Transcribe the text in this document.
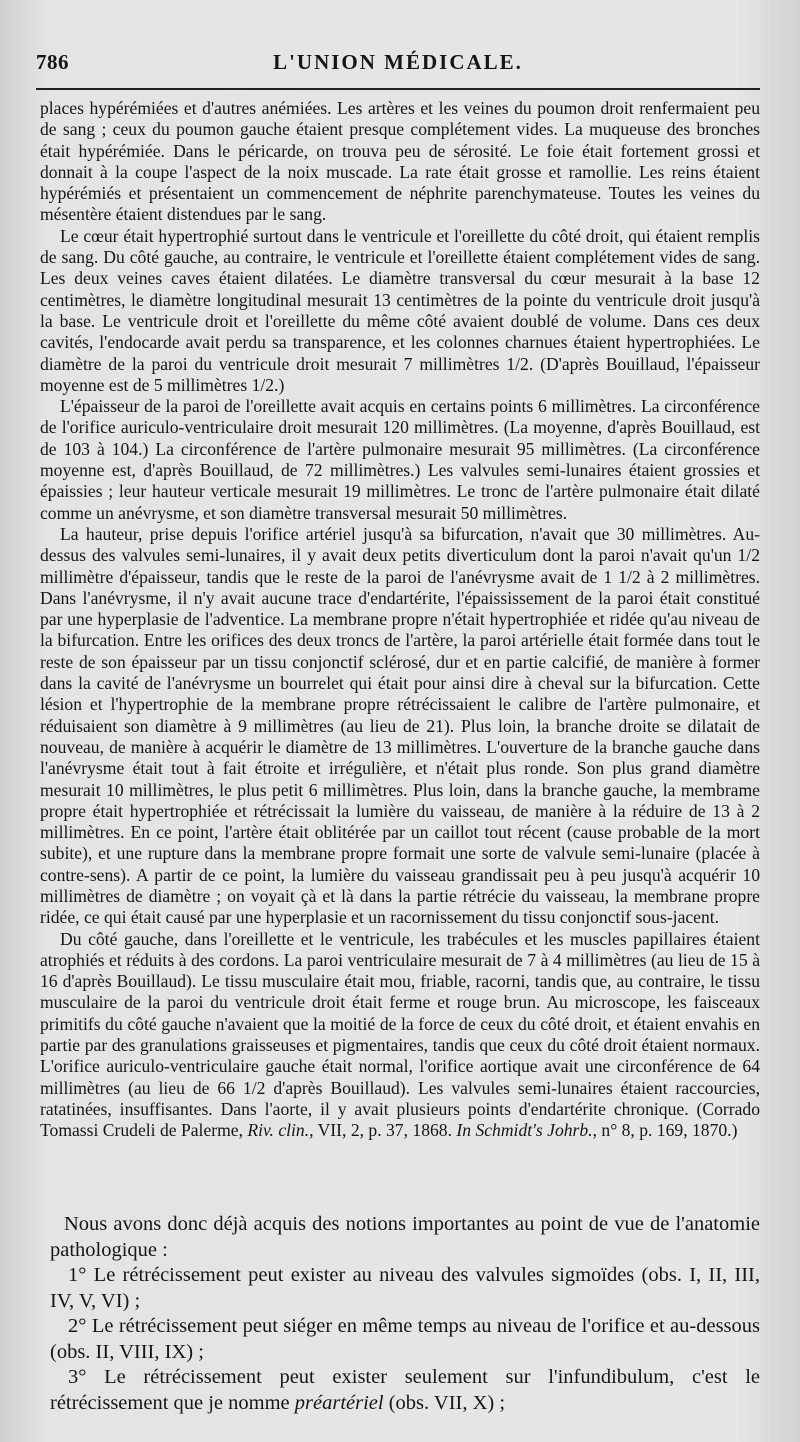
786	L'UNION MÉDICALE.

places hypérémiées et d'autres anémiées. Les artères et les veines du poumon droit renfermaient peu de sang ; ceux du poumon gauche étaient presque complétement vides. La muqueuse des bronches était hypérémiée. Dans le péricarde, on trouva peu de sérosité. Le foie était fortement grossi et donnait à la coupe l'aspect de la noix muscade. La rate était grosse et ramollie. Les reins étaient hypérémiés et présentaient un commencement de néphrite parenchymateuse. Toutes les veines du mésentère étaient distendues par le sang.

Le cœur était hypertrophié surtout dans le ventricule et l'oreillette du côté droit, qui étaient remplis de sang. Du côté gauche, au contraire, le ventricule et l'oreillette étaient complétement vides de sang. Les deux veines caves étaient dilatées. Le diamètre transversal du cœur mesurait à la base 12 centimètres, le diamètre longitudinal mesurait 13 centimètres de la pointe du ventricule droit jusqu'à la base. Le ventricule droit et l'oreillette du même côté avaient doublé de volume. Dans ces deux cavités, l'endocarde avait perdu sa transparence, et les colonnes charnues étaient hypertrophiées. Le diamètre de la paroi du ventricule droit mesurait 7 millimètres 1/2. (D'après Bouillaud, l'épaisseur moyenne est de 5 millimètres 1/2.)

L'épaisseur de la paroi de l'oreillette avait acquis en certains points 6 millimètres. La circonférence de l'orifice auriculo-ventriculaire droit mesurait 120 millimètres. (La moyenne, d'après Bouillaud, est de 103 à 104.) La circonférence de l'artère pulmonaire mesurait 95 millimètres. (La circonférence moyenne est, d'après Bouillaud, de 72 millimètres.) Les valvules semi-lunaires étaient grossies et épaissies ; leur hauteur verticale mesurait 19 millimètres. Le tronc de l'artère pulmonaire était dilaté comme un anévrysme, et son diamètre transversal mesurait 50 millimètres.

La hauteur, prise depuis l'orifice artériel jusqu'à sa bifurcation, n'avait que 30 millimètres. Au-dessus des valvules semi-lunaires, il y avait deux petits diverticulum dont la paroi n'avait qu'un 1/2 millimètre d'épaisseur, tandis que le reste de la paroi de l'anévrysme avait de 1 1/2 à 2 millimètres. Dans l'anévrysme, il n'y avait aucune trace d'endartérite, l'épaississement de la paroi était constitué par une hyperplasie de l'adventice. La membrane propre n'était hypertrophiée et ridée qu'au niveau de la bifurcation. Entre les orifices des deux troncs de l'artère, la paroi artérielle était formée dans tout le reste de son épaisseur par un tissu conjonctif sclérosé, dur et en partie calcifié, de manière à former dans la cavité de l'anévrysme un bourrelet qui était pour ainsi dire à cheval sur la bifurcation. Cette lésion et l'hypertrophie de la membrane propre rétrécissaient le calibre de l'artère pulmonaire, et réduisaient son diamètre à 9 millimètres (au lieu de 21). Plus loin, la branche droite se dilatait de nouveau, de manière à acquérir le diamètre de 13 millimètres. L'ouverture de la branche gauche dans l'anévrysme était tout à fait étroite et irrégulière, et n'était plus ronde. Son plus grand diamètre mesurait 10 millimètres, le plus petit 6 millimètres. Plus loin, dans la branche gauche, la membrame propre était hypertrophiée et rétrécissait la lumière du vaisseau, de manière à la réduire de 13 à 2 millimètres. En ce point, l'artère était oblitérée par un caillot tout récent (cause probable de la mort subite), et une rupture dans la membrane propre formait une sorte de valvule semi-lunaire (placée à contre-sens). A partir de ce point, la lumière du vaisseau grandissait peu à peu jusqu'à acquérir 10 millimètres de diamètre ; on voyait çà et là dans la partie rétrécie du vaisseau, la membrane propre ridée, ce qui était causé par une hyperplasie et un racornissement du tissu conjonctif sous-jacent.

Du côté gauche, dans l'oreillette et le ventricule, les trabécules et les muscles papillaires étaient atrophiés et réduits à des cordons. La paroi ventriculaire mesurait de 7 à 4 millimètres (au lieu de 15 à 16 d'après Bouillaud). Le tissu musculaire était mou, friable, racorni, tandis que, au contraire, le tissu musculaire de la paroi du ventricule droit était ferme et rouge brun. Au microscope, les faisceaux primitifs du côté gauche n'avaient que la moitié de la force de ceux du côté droit, et étaient envahis en partie par des granulations graisseuses et pigmentaires, tandis que ceux du côté droit étaient normaux. L'orifice auriculo-ventriculaire gauche était normal, l'orifice aortique avait une circonférence de 64 millimètres (au lieu de 66 1/2 d'après Bouillaud). Les valvules semi-lunaires étaient raccourcies, ratatinées, insuffisantes. Dans l'aorte, il y avait plusieurs points d'endartérite chronique. (Corrado Tomassi Crudeli de Palerme, Riv. clin., VII, 2, p. 37, 1868. In Schmidt's Johrb., n° 8, p. 169, 1870.)

Nous avons donc déjà acquis des notions importantes au point de vue de l'anatomie pathologique :

1° Le rétrécissement peut exister au niveau des valvules sigmoïdes (obs. I, II, III, IV, V, VI) ;

2° Le rétrécissement peut siéger en même temps au niveau de l'orifice et au-dessous (obs. II, VIII, IX) ;

3° Le rétrécissement peut exister seulement sur l'infundibulum, c'est le rétrécissement que je nomme préartériel (obs. VII, X) ;
